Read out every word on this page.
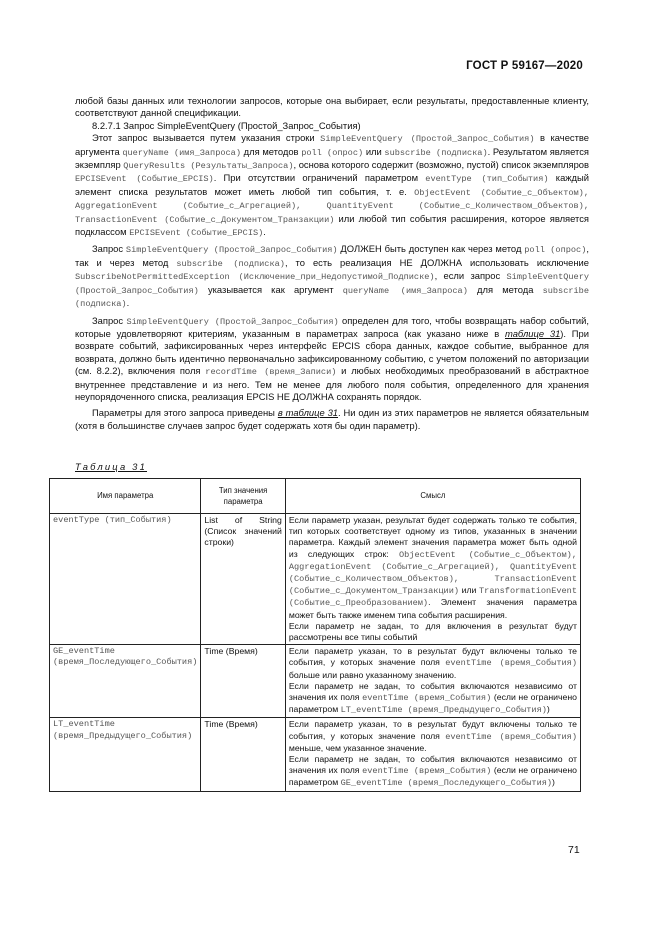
ГОСТ Р 59167—2020

любой базы данных или технологии запросов, которые она выбирает, если результаты, предоставленные клиенту, соответствуют данной спецификации.

8.2.7.1 Запрос SimpleEventQuery (Простой_Запрос_События)

Этот запрос вызывается путем указания строки SimpleEventQuery (Простой_Запрос_События) в качестве аргумента queryName (имя_Запроса) для методов poll (опрос) или subscribe (подписка). Результатом является экземпляр QueryResults (Результаты_Запроса), основа которого содержит (возможно, пустой) список экземпляров EPCISEvent (Событие_EPCIS). При отсутствии ограничений параметром eventType (тип_События) каждый элемент списка результатов может иметь любой тип события, т. е. ObjectEvent (Событие_с_Объектом), AggregationEvent (Событие_с_Агрегацией), QuantityEvent (Событие_с_Количеством_Объектов), TransactionEvent (Событие_с_Документом_Транзакции) или любой тип события расширения, которое является подклассом EPCISEvent (Событие_EPCIS).

Запрос SimpleEventQuery (Простой_Запрос_События) ДОЛЖЕН быть доступен как через метод poll (опрос), так и через метод subscribe (подписка), то есть реализация НЕ ДОЛЖНА использовать исключение SubscribeNotPermittedException (Исключение_при_Недопустимой_Подписке), если запрос SimpleEventQuery (Простой_Запрос_События) указывается как аргумент queryName (имя_Запроса) для метода subscribe (подписка).

Запрос SimpleEventQuery (Простой_Запрос_События) определен для того, чтобы возвращать набор событий, которые удовлетворяют критериям, указанным в параметрах запроса (как указано ниже в таблице 31). При возврате событий, зафиксированных через интерфейс EPCIS сбора данных, каждое событие, выбранное для возврата, должно быть идентично первоначально зафиксированному событию, с учетом положений по авторизации (см. 8.2.2), включения поля recordTime (время_Записи) и любых необходимых преобразований в абстрактное внутреннее представление и из него. Тем не менее для любого поля события, определенного для хранения неупорядоченного списка, реализация EPCIS НЕ ДОЛЖНА сохранять порядок.

Параметры для этого запроса приведены в таблице 31. Ни один из этих параметров не является обязательным (хотя в большинстве случаев запрос будет содержать хотя бы один параметр).

Таблица 31
Имя параметра	Тип значения параметра	Смысл
eventType (тип_События)	List of String (Список значений строки)	Если параметр указан, результат будет содержать только те события, тип которых соответствует одному из типов, указанных в значении параметра. Каждый элемент значения параметра может быть одной из следующих строк: ObjectEvent (Событие_с_Объектом), AggregationEvent (Событие_с_Агрегацией), QuantityEvent (Событие_с_Количеством_Объектов), TransactionEvent (Событие_с_Документом_Транзакции) или TransformationEvent (Событие_с_Преобразованием). Элемент значения параметра может быть также именем типа события расширения.
Если параметр не задан, то для включения в результат будут рассмотрены все типы событий
GE_eventTime (время_Последующего_События)	Time (Время)	Если параметр указан, то в результат будут включены только те события, у которых значение поля eventTime (время_События) больше или равно указанному значению.
Если параметр не задан, то события включаются независимо от значения их поля eventTime (время_События) (если не ограничено параметром LT_eventTime (время_Предыдущего_События))
LT_eventTime (время_Предыдущего_События)	Time (Время)	Если параметр указан, то в результат будут включены только те события, у которых значение поля eventTime (время_События) меньше, чем указанное значение.
Если параметр не задан, то события включаются независимо от значения их поля eventTime (время_События) (если не ограничено параметром GE_eventTime (время_Последующего_События))
71
